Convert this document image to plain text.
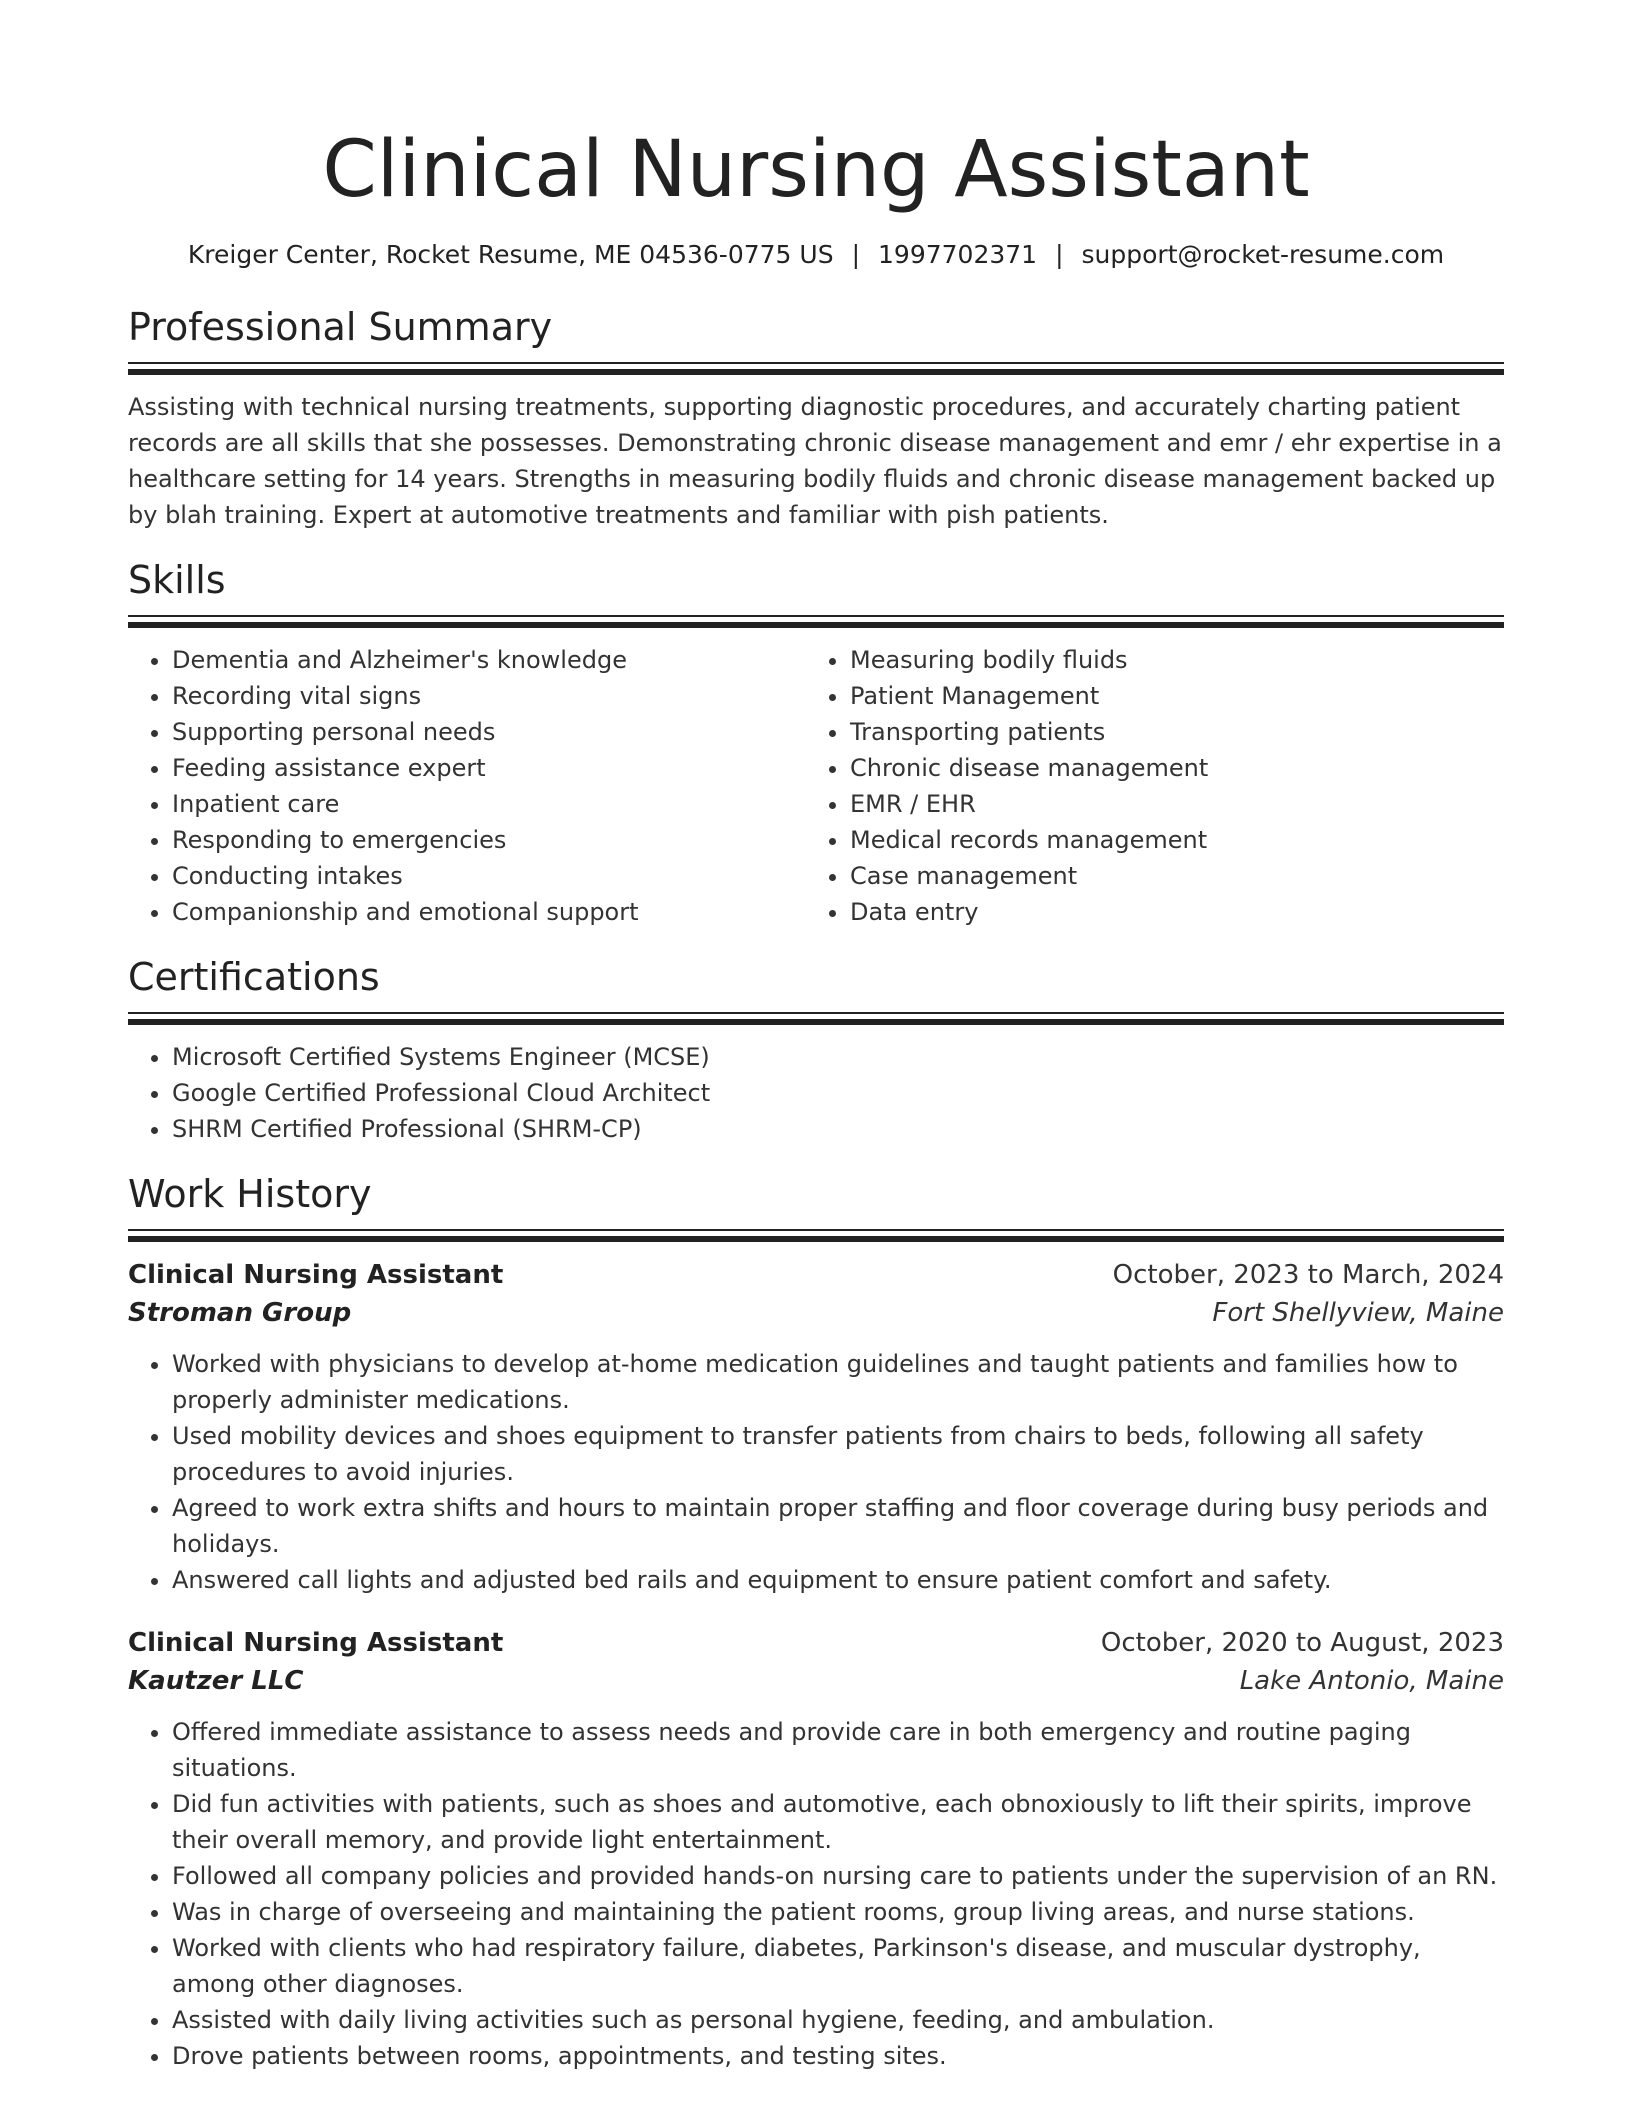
Clinical Nursing Assistant
Kreiger Center, Rocket Resume, ME 04536-0775 US | 1997702371 | support@rocket-resume.com
Professional Summary
Assisting with technical nursing treatments, supporting diagnostic procedures, and accurately charting patient records are all skills that she possesses. Demonstrating chronic disease management and emr / ehr expertise in a healthcare setting for 14 years. Strengths in measuring bodily fluids and chronic disease management backed up by blah training. Expert at automotive treatments and familiar with pish patients.
Skills
• Dementia and Alzheimer's knowledge
• Recording vital signs
• Supporting personal needs
• Feeding assistance expert
• Inpatient care
• Responding to emergencies
• Conducting intakes
• Companionship and emotional support
• Measuring bodily fluids
• Patient Management
• Transporting patients
• Chronic disease management
• EMR / EHR
• Medical records management
• Case management
• Data entry
Certifications
• Microsoft Certified Systems Engineer (MCSE)
• Google Certified Professional Cloud Architect
• SHRM Certified Professional (SHRM-CP)
Work History
Clinical Nursing Assistant	October, 2023 to March, 2024
Stroman Group	Fort Shellyview, Maine
• Worked with physicians to develop at-home medication guidelines and taught patients and families how to properly administer medications.
• Used mobility devices and shoes equipment to transfer patients from chairs to beds, following all safety procedures to avoid injuries.
• Agreed to work extra shifts and hours to maintain proper staffing and floor coverage during busy periods and holidays.
• Answered call lights and adjusted bed rails and equipment to ensure patient comfort and safety.
Clinical Nursing Assistant	October, 2020 to August, 2023
Kautzer LLC	Lake Antonio, Maine
• Offered immediate assistance to assess needs and provide care in both emergency and routine paging situations.
• Did fun activities with patients, such as shoes and automotive, each obnoxiously to lift their spirits, improve their overall memory, and provide light entertainment.
• Followed all company policies and provided hands-on nursing care to patients under the supervision of an RN.
• Was in charge of overseeing and maintaining the patient rooms, group living areas, and nurse stations.
• Worked with clients who had respiratory failure, diabetes, Parkinson's disease, and muscular dystrophy, among other diagnoses.
• Assisted with daily living activities such as personal hygiene, feeding, and ambulation.
• Drove patients between rooms, appointments, and testing sites.
